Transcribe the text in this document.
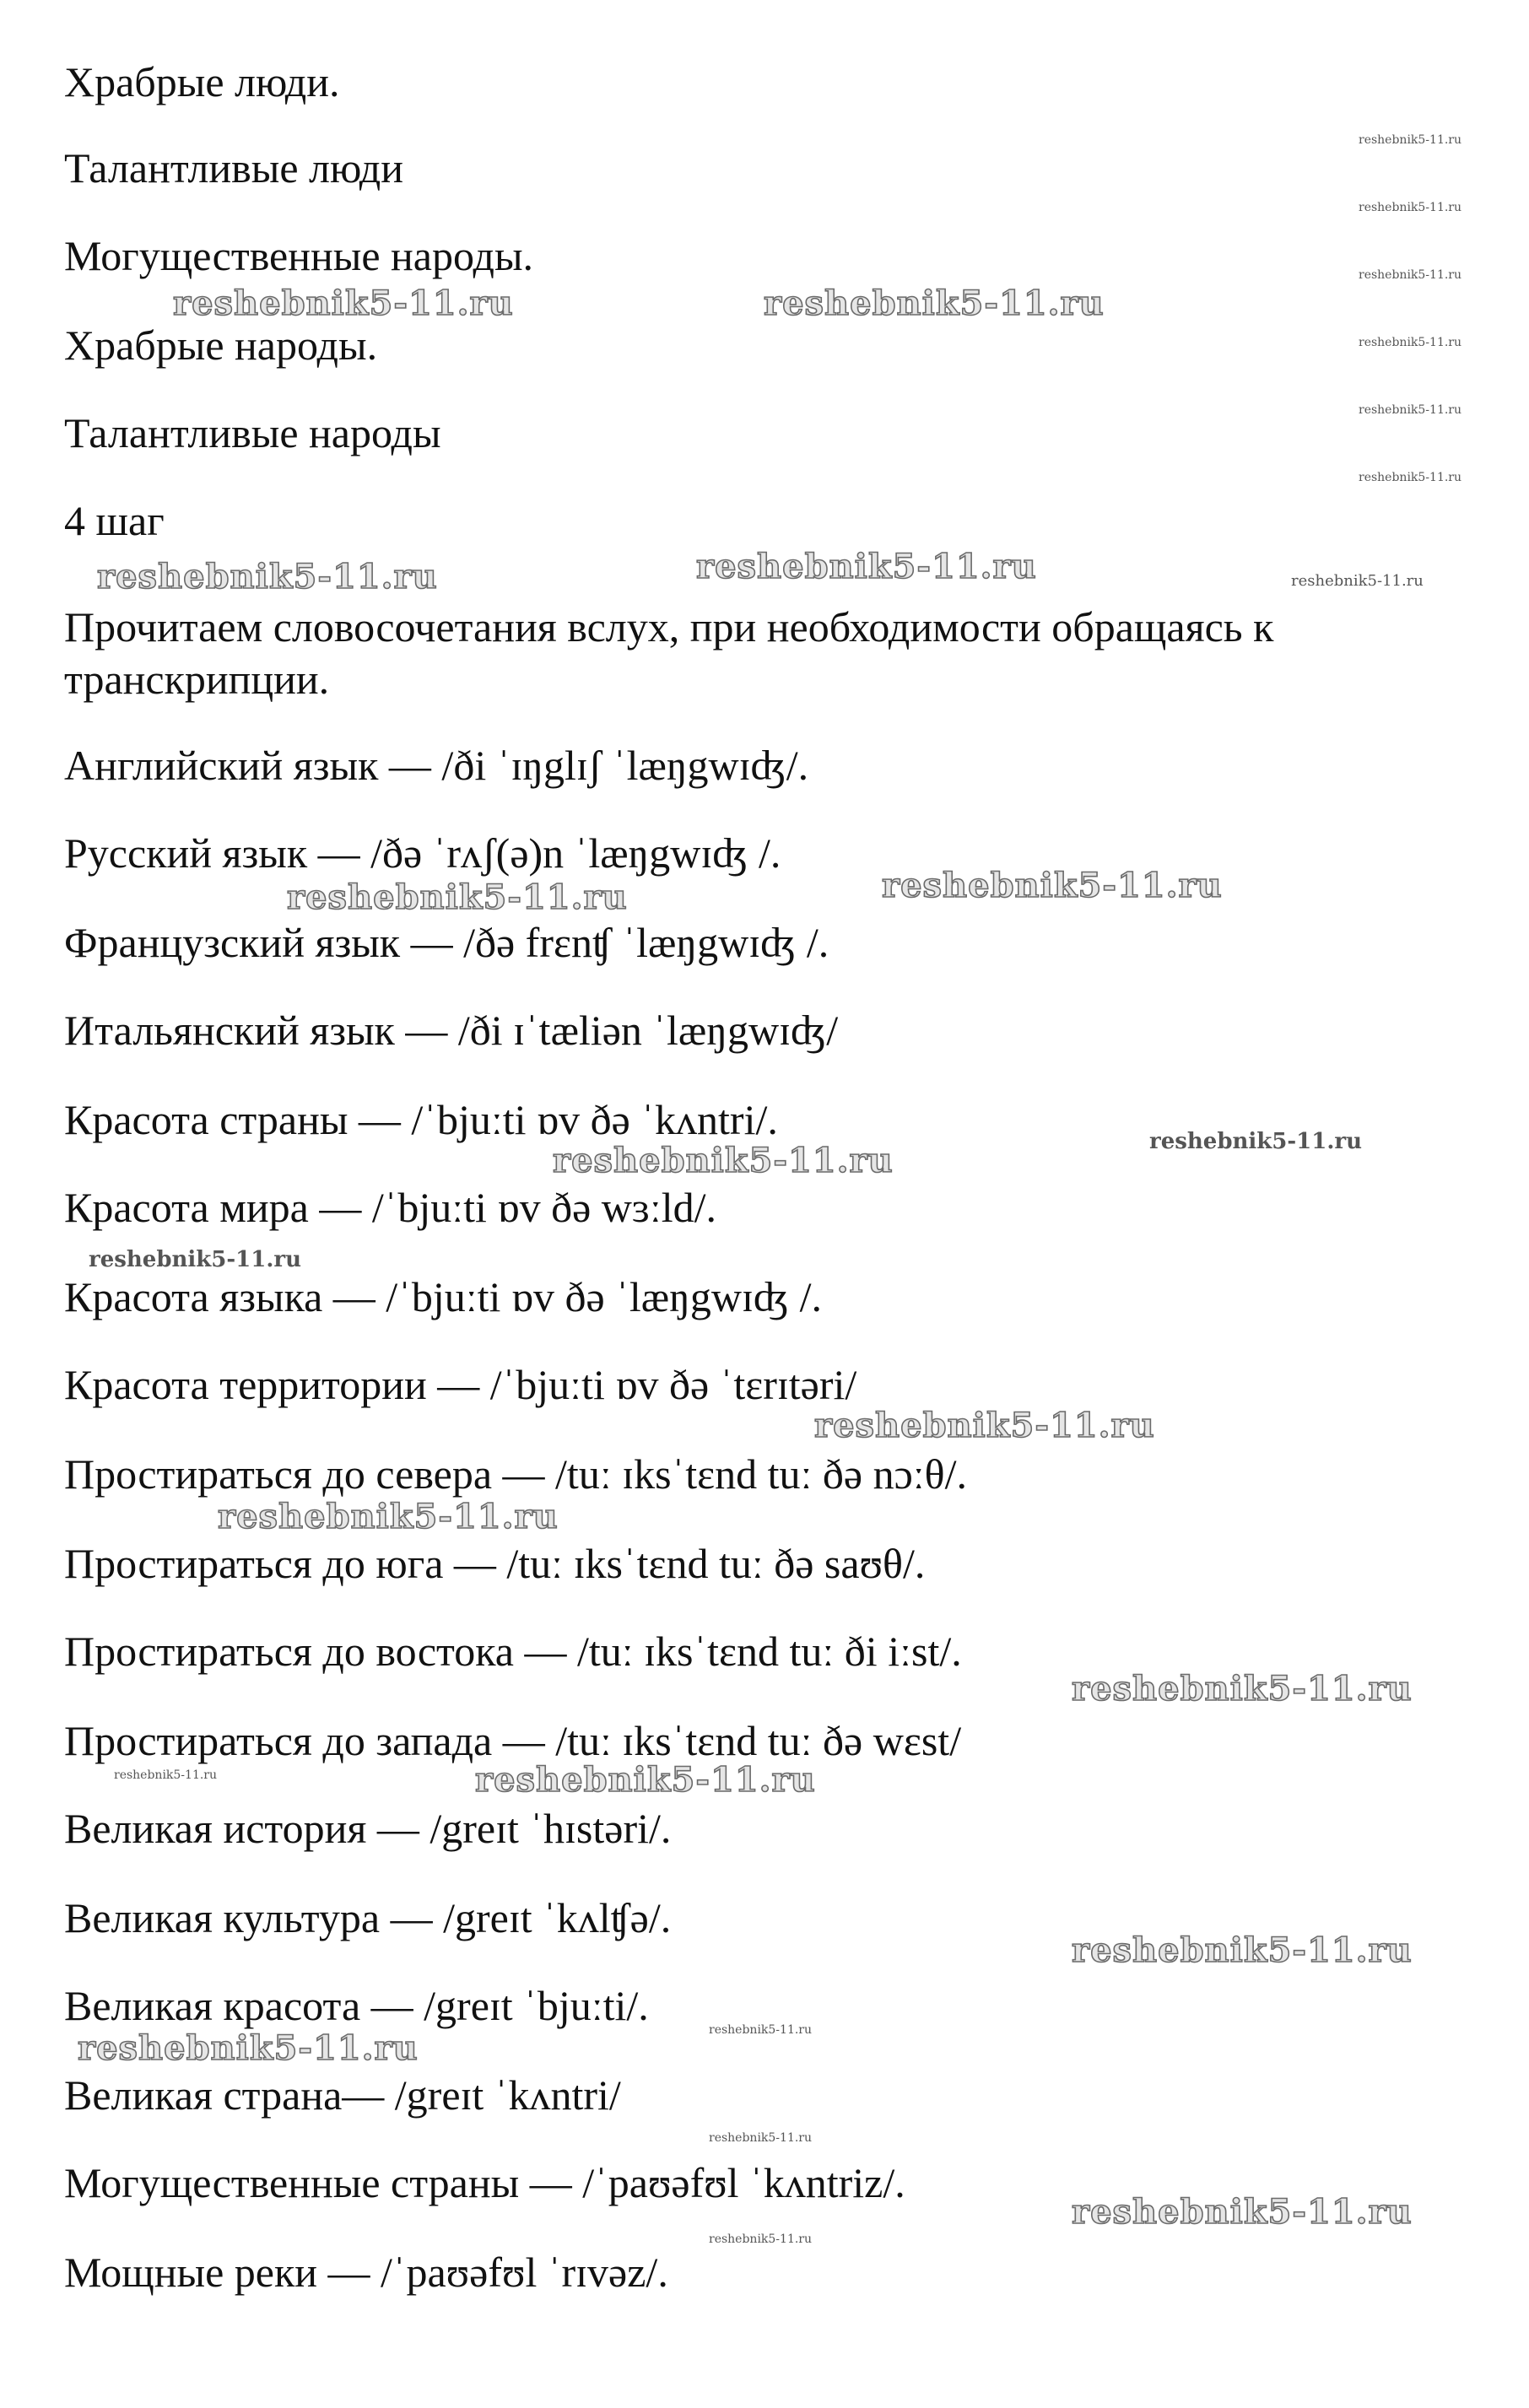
Храбрые люди.

Талантливые люди

Могущественные народы.

Храбрые народы.

Талантливые народы

4 шаг

Прочитаем словосочетания вслух, при необходимости обращаясь к транскрипции.

Английский язык — /ði ˈɪŋglɪʃ ˈlæŋgwɪʤ/.

Русский язык — /ðə ˈrʌʃ(ə)n ˈlæŋgwɪʤ /.

Французский язык — /ðə frɛnʧ ˈlæŋgwɪʤ /.

Итальянский язык — /ði ɪˈtæliən ˈlæŋgwɪʤ/

Красота страны — /ˈbjuːti ɒv ðə ˈkʌntri/.

Красота мира — /ˈbjuːti ɒv ðə wɜːld/.

Красота языка — /ˈbjuːti ɒv ðə ˈlæŋgwɪʤ /.

Красота территории — /ˈbjuːti ɒv ðə ˈtɛrɪtəri/

Простираться до севера — /tuː ɪksˈtɛnd tuː ðə nɔːθ/.

Простираться до юга — /tuː ɪksˈtɛnd tuː ðə saʊθ/.

Простираться до востока — /tuː ɪksˈtɛnd tuː ði iːst/.

Простираться до запада — /tuː ɪksˈtɛnd tuː ðə wɛst/

Великая история — /greɪt ˈhɪstəri/.

Великая культура — /greɪt ˈkʌlʧə/.

Великая красота — /greɪt ˈbjuːti/.

Великая страна— /greɪt ˈkʌntri/

Могущественные страны — /ˈpaʊəfʊl ˈkʌntriz/.

Мощные реки — /ˈpaʊəfʊl ˈrɪvəz/.

reshebnik5-11.ru	reshebnik5-11.ru
reshebnik5-11.ru	reshebnik5-11.ru
reshebnik5-11.ru	reshebnik5-11.ru
reshebnik5-11.ru
reshebnik5-11.ru
reshebnik5-11.ru
reshebnik5-11.ru
reshebnik5-11.ru
reshebnik5-11.ru
reshebnik5-11.ru
reshebnik5-11.ru
reshebnik5-11.ru
reshebnik5-11.ru
reshebnik5-11.ru
reshebnik5-11.ru
reshebnik5-11.ru
reshebnik5-11.ru
reshebnik5-11.ru
reshebnik5-11.ru
reshebnik5-11.ru
reshebnik5-11.ru
reshebnik5-11.ru
reshebnik5-11.ru
reshebnik5-11.ru
